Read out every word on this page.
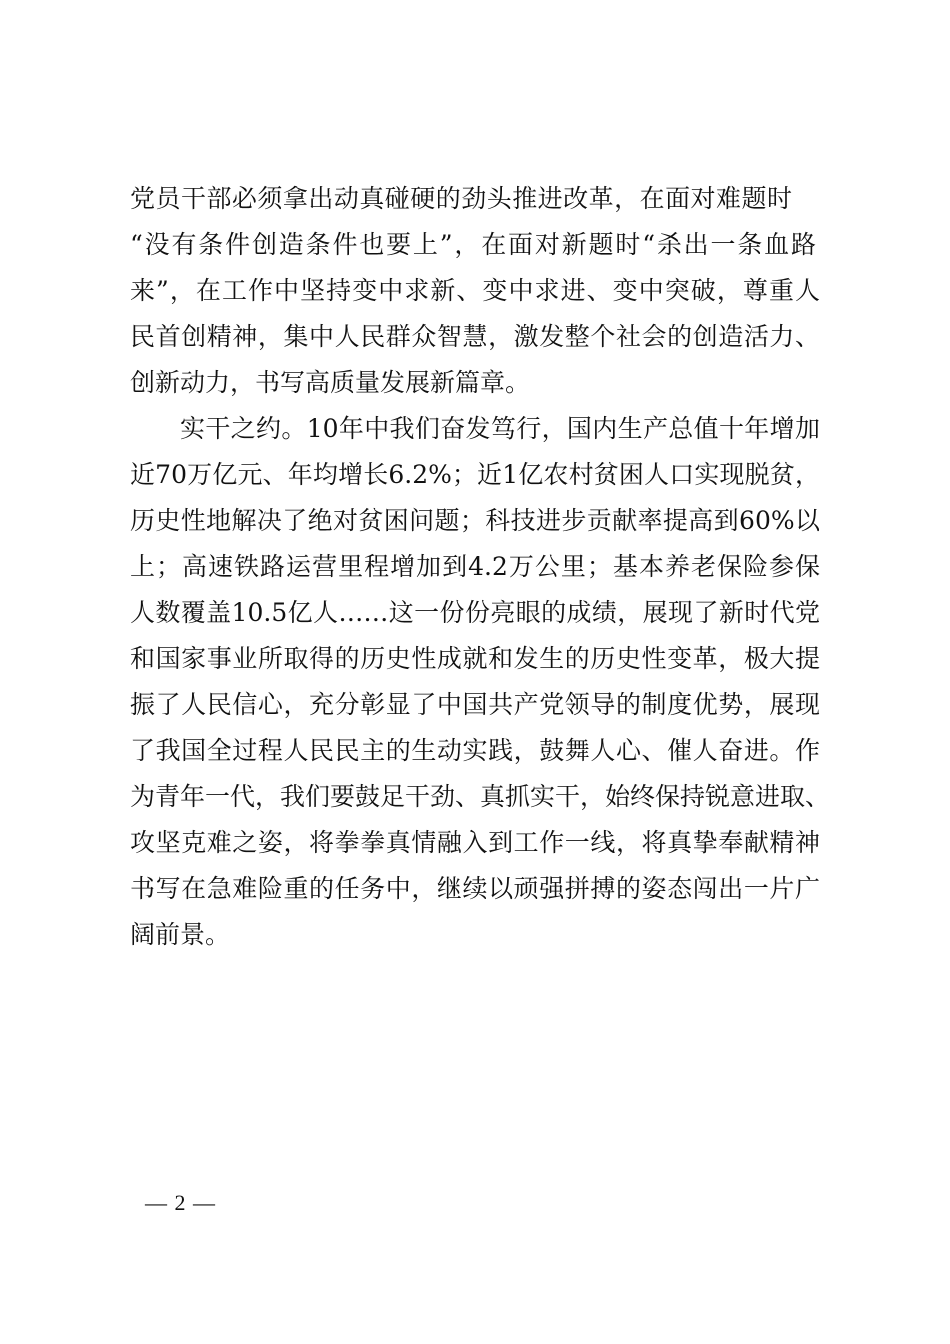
党员干部必须拿出动真碰硬的劲头推进改革，在面对难题时
“没有条件创造条件也要上”，在面对新题时“杀出一条血路
来”，在工作中坚持变中求新、变中求进、变中突破，尊重人
民首创精神，集中人民群众智慧，激发整个社会的创造活力、
创新动力，书写高质量发展新篇章。
实干之约。10年中我们奋发笃行，国内生产总值十年增加
近70万亿元、年均增长6.2%；近1亿农村贫困人口实现脱贫，
历史性地解决了绝对贫困问题；科技进步贡献率提高到60%以
上；高速铁路运营里程增加到4.2万公里；基本养老保险参保
人数覆盖10.5亿人……这一份份亮眼的成绩，展现了新时代党
和国家事业所取得的历史性成就和发生的历史性变革，极大提
振了人民信心，充分彰显了中国共产党领导的制度优势，展现
了我国全过程人民民主的生动实践，鼓舞人心、催人奋进。作
为青年一代，我们要鼓足干劲、真抓实干，始终保持锐意进取、
攻坚克难之姿，将拳拳真情融入到工作一线，将真挚奉献精神
书写在急难险重的任务中，继续以顽强拼搏的姿态闯出一片广
阔前景。
— 2 —
